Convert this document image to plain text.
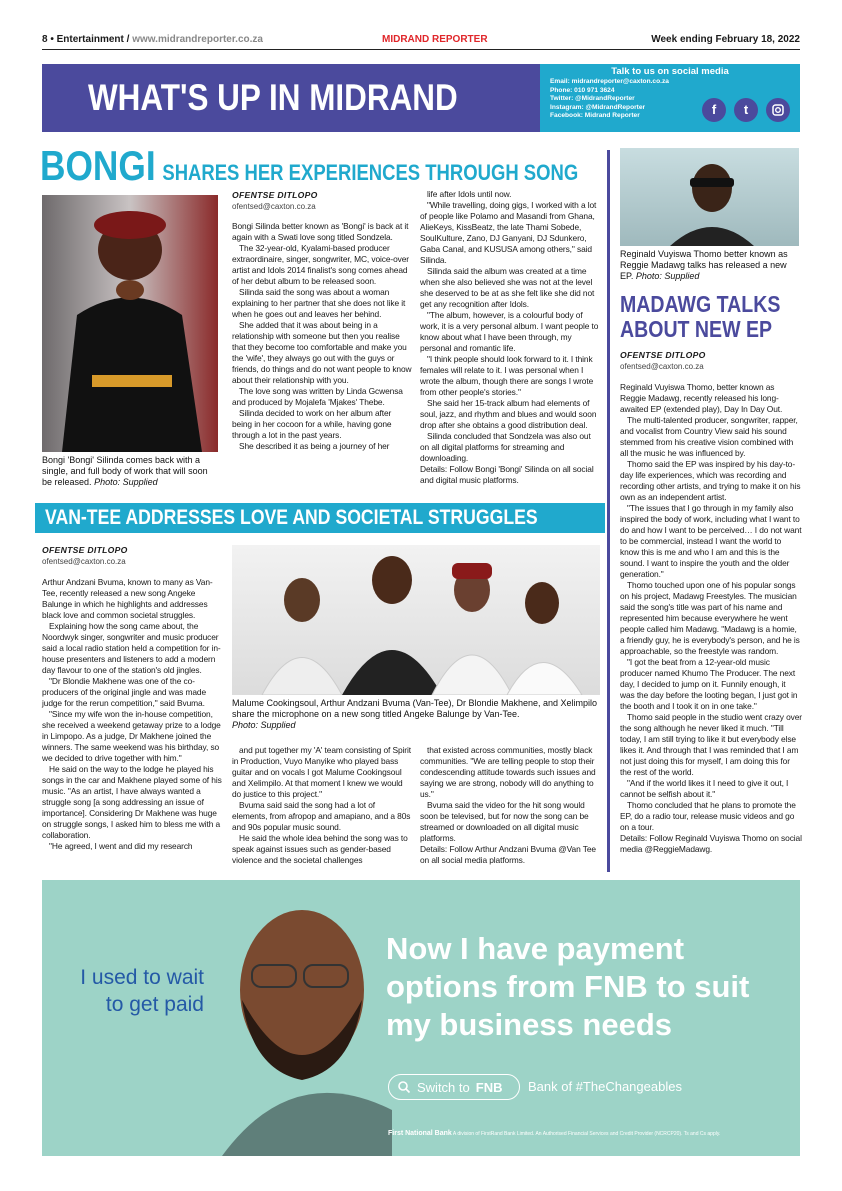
8 • Entertainment / www.midrandreporter.co.za	MIDRAND REPORTER	Week ending February 18, 2022
WHAT'S UP IN MIDRAND
Talk to us on social media
Email: midrandreporter@caxton.co.za
Phone: 010 971 3624
Twitter: @MidrandReporter
Instagram: @MidrandReporter
Facebook: Midrand Reporter	f	t
BONGI SHARES HER EXPERIENCES THROUGH SONG
Bongi 'Bongi' Silinda comes back with a single, and full body of work that will soon be released. Photo: Supplied
OFENTSE DITLOPO
ofentsed@caxton.co.za

Bongi Silinda better known as 'Bongi' is back at it again with a Swati love song titled Sondzela.

The 32-year-old, Kyalami-based producer extraordinaire, singer, songwriter, MC, voice-over artist and Idols 2014 finalist's song comes ahead of her debut album to be released soon.

Silinda said the song was about a woman explaining to her partner that she does not like it when he goes out and leaves her behind.

She added that it was about being in a relationship with someone but then you realise that they become too comfortable and make you the 'wife', they always go out with the guys or friends, do things and do not want people to know about their relationship with you.

The love song was written by Linda Gcwensa and produced by Mojalefa 'Mjakes' Thebe.

Silinda decided to work on her album after being in her cocoon for a while, having gone through a lot in the past years.

She described it as being a journey of her

life after Idols until now.

"While travelling, doing gigs, I worked with a lot of people like Polamo and Masandi from Ghana, AlieKeys, KissBeatz, the late Thami Sobede, SoulKulture, Zano, DJ Ganyani, DJ Sdunkero, Gaba Canal, and KUSUSA among others," said Silinda.

Silinda said the album was created at a time when she also believed she was not at the level she deserved to be at as she felt like she did not get any recognition after Idols.

"The album, however, is a colourful body of work, it is a very personal album. I want people to know about what I have been through, my personal and romantic life.

"I think people should look forward to it. I think females will relate to it. I was personal when I wrote the album, though there are songs I wrote from other people's stories."

She said her 15-track album had elements of soul, jazz, and rhythm and blues and would soon drop after she obtains a good distribution deal.

Silinda concluded that Sondzela was also out on all digital platforms for streaming and downloading.

Details: Follow Bongi 'Bongi' Silinda on all social and digital music platforms.

Reginald Vuyiswa Thomo better known as Reggie Madawg talks has released a new EP. Photo: Supplied
MADAWG TALKS ABOUT NEW EP
OFENTSE DITLOPO
ofentsed@caxton.co.za

Reginald Vuyiswa Thomo, better known as Reggie Madawg, recently released his long-awaited EP (extended play), Day In Day Out.

The multi-talented producer, songwriter, rapper, and vocalist from Country View said his sound stemmed from his creative vision combined with all the music he was influenced by.

Thomo said the EP was inspired by his day-to-day life experiences, which was recording and recording other artists, and trying to make it on his own as an independent artist.

"The issues that I go through in my family also inspired the body of work, including what I want to do and how I want to be perceived… I do not want to be commercial, instead I want the world to know this is me and who I am and this is the sound. I want to inspire the youth and the older generation."

Thomo touched upon one of his popular songs on his project, Madawg Freestyles. The musician said the song's title was part of his name and represented him because everywhere he went people called him Madawg. "Madawg is a homie, a friendly guy, he is everybody's person, and he is approachable, so the freestyle was random.

"I got the beat from a 12-year-old music producer named Khumo The Producer. The next day, I decided to jump on it. Funnily enough, it was the day before the looting began, I just got in the booth and I took it on in one take."

Thomo said people in the studio went crazy over the song although he never liked it much. "Till today, I am still trying to like it but everybody else likes it. And through that I was reminded that I am not just doing this for myself, I am doing this for the rest of the world.

"And if the world likes it I need to give it out, I cannot be selfish about it."

Thomo concluded that he plans to promote the EP, do a radio tour, release music videos and go on a tour.

Details: Follow Reginald Vuyiswa Thomo on social media @ReggieMadawg.

VAN-TEE ADDRESSES LOVE AND SOCIETAL STRUGGLES
OFENTSE DITLOPO
ofentsed@caxton.co.za

Arthur Andzani Bvuma, known to many as Van-Tee, recently released a new song Angeke Balunge in which he highlights and addresses black love and common societal struggles.

Explaining how the song came about, the Noordwyk singer, songwriter and music producer said a local radio station held a competition for in-house presenters and listeners to add a modern day flavour to one of the station's old jingles.

"Dr Blondie Makhene was one of the co-producers of the original jingle and was made judge for the rerun competition," said Bvuma.

"Since my wife won the in-house competition, she received a weekend getaway prize to a lodge in Limpopo. As a judge, Dr Makhene joined the winners. The same weekend was his birthday, so we decided to drive together with him."

He said on the way to the lodge he played his songs in the car and Makhene played some of his music. "As an artist, I have always wanted a struggle song [a song addressing an issue of importance]. Considering Dr Makhene was huge on struggle songs, I asked him to bless me with a collaboration.

"He agreed, I went and did my research

Malume Cookingsoul, Arthur Andzani Bvuma (Van-Tee), Dr Blondie Makhene, and Xelimpilo share the microphone on a new song titled Angeke Balunge by Van-Tee.
Photo: Supplied

and put together my 'A' team consisting of Spirit in Production, Vuyo Manyike who played bass guitar and on vocals I got Malume Cookingsoul and Xelimpilo. At that moment I knew we would do justice to this project."

Bvuma said said the song had a lot of elements, from afropop and amapiano, and a 80s and 90s popular music sound.

He said the whole idea behind the song was to speak against issues such as gender-based violence and the societal challenges

that existed across communities, mostly black communities. "We are telling people to stop their condescending attitude towards such issues and saying we are strong, nobody will do anything to us."

Bvuma said the video for the hit song would soon be televised, but for now the song can be streamed or downloaded on all digital music platforms.

Details: Follow Arthur Andzani Bvuma @Van Tee on all social media platforms.

I used to wait to get paid
Now I have payment options from FNB to suit my business needs
Switch to FNB Bank of #TheChangeables
First National Bank A division of FirstRand Bank Limited. An Authorised Financial Services and Credit Provider (NCRCP20). Ts and Cs apply.
